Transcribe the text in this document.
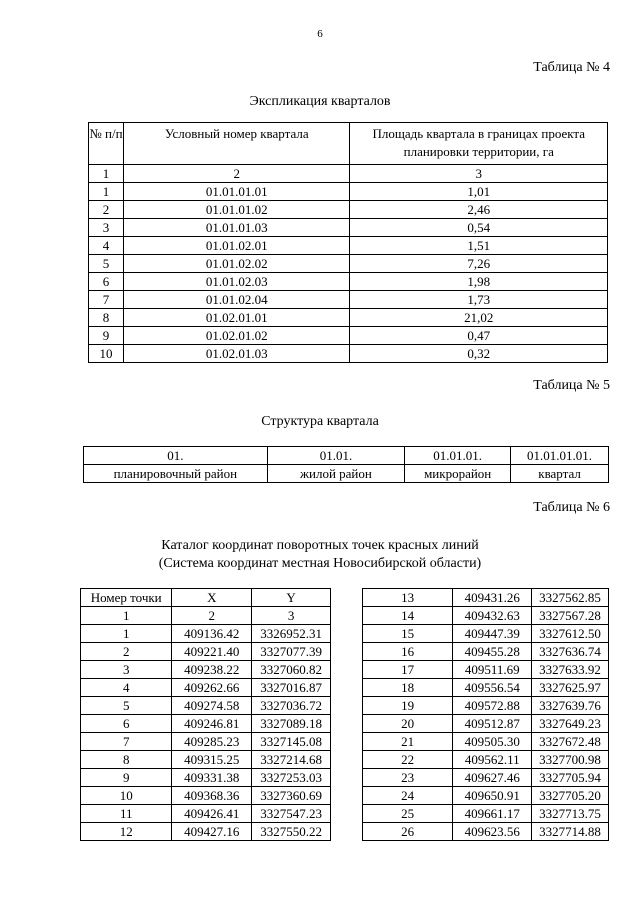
6
Таблица № 4
Экспликация кварталов
№ п/п	Условный номер квартала	Площадь квартала в границах проекта планировки территории, га
1	2	3
1	01.01.01.01	1,01
2	01.01.01.02	2,46
3	01.01.01.03	0,54
4	01.01.02.01	1,51
5	01.01.02.02	7,26
6	01.01.02.03	1,98
7	01.01.02.04	1,73
8	01.02.01.01	21,02
9	01.02.01.02	0,47
10	01.02.01.03	0,32
Таблица № 5
Структура квартала
01.	01.01.	01.01.01.	01.01.01.01.
планировочный район	жилой район	микрорайон	квартал
Таблица № 6
Каталог координат поворотных точек красных линий
(Система координат местная Новосибирской области)
Номер точки	X	Y
1	2	3
1	409136.42	3326952.31
2	409221.40	3327077.39
3	409238.22	3327060.82
4	409262.66	3327016.87
5	409274.58	3327036.72
6	409246.81	3327089.18
7	409285.23	3327145.08
8	409315.25	3327214.68
9	409331.38	3327253.03
10	409368.36	3327360.69
11	409426.41	3327547.23
12	409427.16	3327550.22
13	409431.26	3327562.85
14	409432.63	3327567.28
15	409447.39	3327612.50
16	409455.28	3327636.74
17	409511.69	3327633.92
18	409556.54	3327625.97
19	409572.88	3327639.76
20	409512.87	3327649.23
21	409505.30	3327672.48
22	409562.11	3327700.98
23	409627.46	3327705.94
24	409650.91	3327705.20
25	409661.17	3327713.75
26	409623.56	3327714.88
